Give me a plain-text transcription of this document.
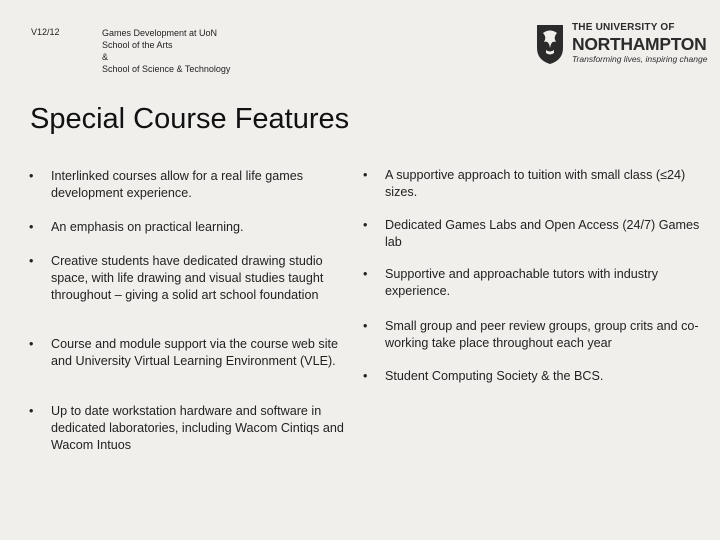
V12/12	Games Development at UoN
School of the Arts
&
School of Science & Technology
THE UNIVERSITY OF
NORTHAMPTON
Transforming lives, inspiring change
Special Course Features
•	Interlinked courses allow for a real life games development experience.
•	An emphasis on practical learning.
•	Creative students have dedicated drawing studio space, with life drawing and visual studies taught throughout – giving a solid art school foundation
•	Course and module support via the course web site and University Virtual Learning Environment (VLE).
•	Up to date workstation hardware and software in dedicated laboratories, including Wacom Cintiqs and Wacom Intuos
•	A supportive approach to tuition with small class (≤24) sizes.
•	Dedicated Games Labs and Open Access (24/7) Games lab
•	Supportive and approachable tutors with industry experience.
•	Small group and peer review groups, group crits and co-working take place throughout each year
•	Student Computing Society & the BCS.
